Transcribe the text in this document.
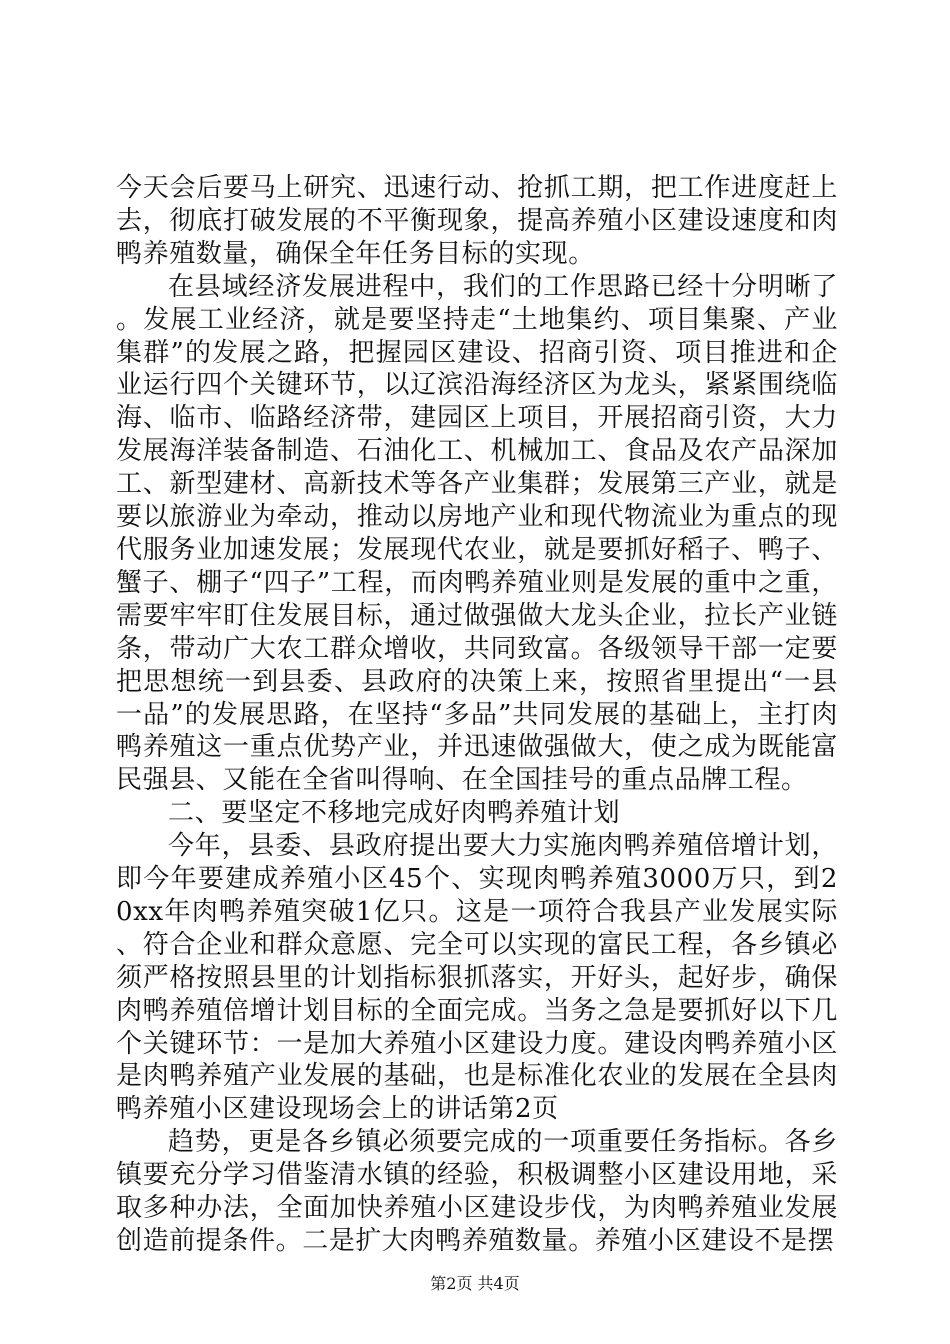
今天会后要马上研究、迅速行动、抢抓工期，把工作进度赶上去，彻底打破发展的不平衡现象，提高养殖小区建设速度和肉鸭养殖数量，确保全年任务目标的实现。

在县域经济发展进程中，我们的工作思路已经十分明晰了。发展工业经济，就是要坚持走“土地集约、项目集聚、产业集群”的发展之路，把握园区建设、招商引资、项目推进和企业运行四个关键环节，以辽滨沿海经济区为龙头，紧紧围绕临海、临市、临路经济带，建园区上项目，开展招商引资，大力发展海洋装备制造、石油化工、机械加工、食品及农产品深加工、新型建材、高新技术等各产业集群；发展第三产业，就是要以旅游业为牵动，推动以房地产业和现代物流业为重点的现代服务业加速发展；发展现代农业，就是要抓好稻子、鸭子、蟹子、棚子“四子”工程，而肉鸭养殖业则是发展的重中之重，需要牢牢盯住发展目标，通过做强做大龙头企业，拉长产业链条，带动广大农工群众增收，共同致富。各级领导干部一定要把思想统一到县委、县政府的决策上来，按照省里提出“一县一品”的发展思路，在坚持“多品”共同发展的基础上，主打肉鸭养殖这一重点优势产业，并迅速做强做大，使之成为既能富民强县、又能在全省叫得响、在全国挂号的重点品牌工程。

二、要坚定不移地完成好肉鸭养殖计划

今年，县委、县政府提出要大力实施肉鸭养殖倍增计划，即今年要建成养殖小区45个、实现肉鸭养殖3000万只，到20xx年肉鸭养殖突破1亿只。这是一项符合我县产业发展实际、符合企业和群众意愿、完全可以实现的富民工程，各乡镇必须严格按照县里的计划指标狠抓落实，开好头，起好步，确保肉鸭养殖倍增计划目标的全面完成。当务之急是要抓好以下几个关键环节：一是加大养殖小区建设力度。建设肉鸭养殖小区是肉鸭养殖产业发展的基础，也是标准化农业的发展在全县肉鸭养殖小区建设现场会上的讲话第2页

趋势，更是各乡镇必须要完成的一项重要任务指标。各乡镇要充分学习借鉴清水镇的经验，积极调整小区建设用地，采取多种办法，全面加快养殖小区建设步伐，为肉鸭养殖业发展创造前提条件。二是扩大肉鸭养殖数量。养殖小区建设不是摆

第2页 共4页
